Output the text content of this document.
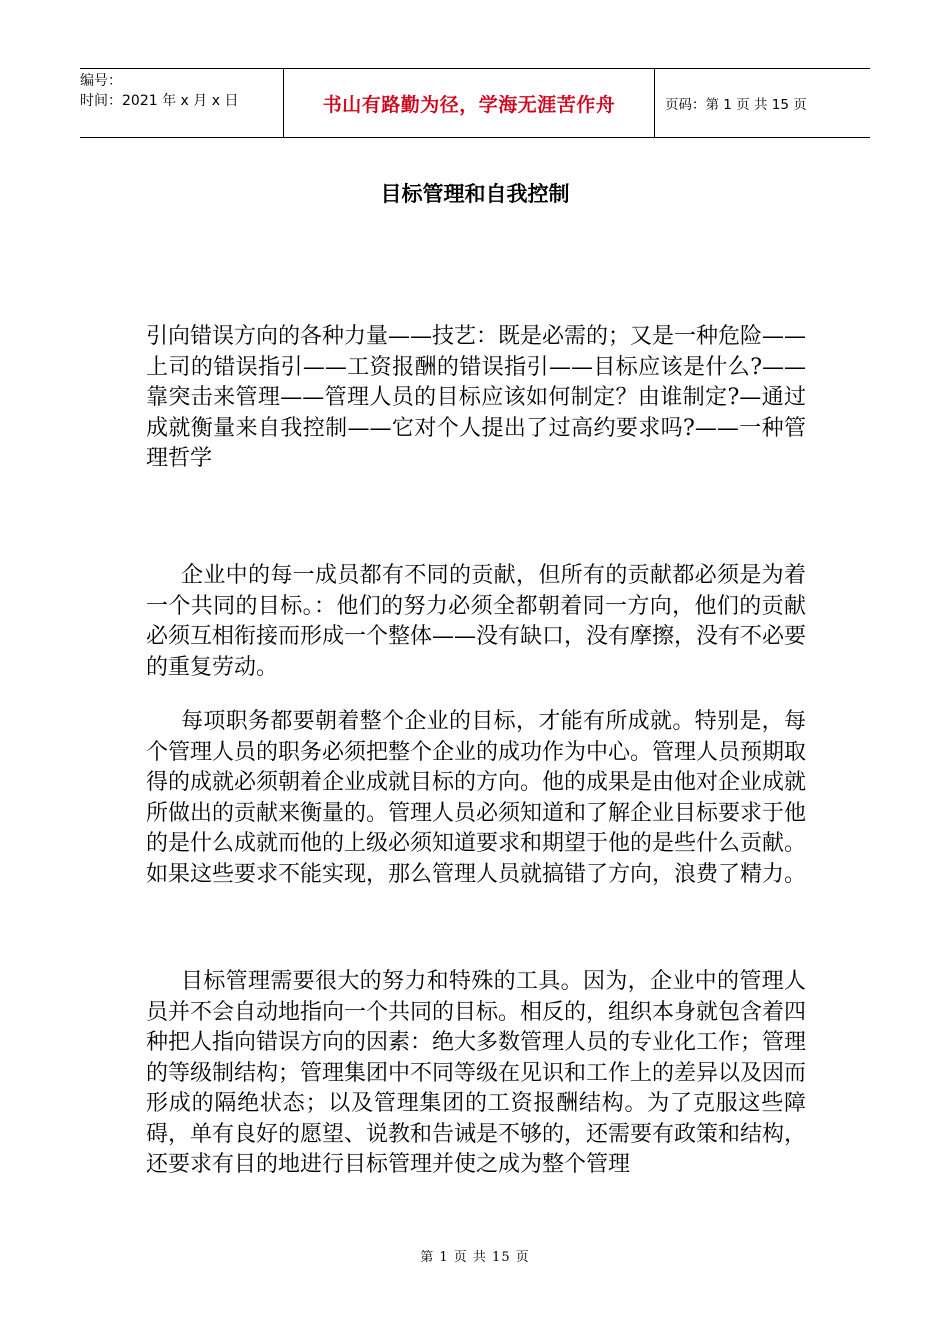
编号：
时间：2021 年 x 月 x 日	书山有路勤为径，学海无涯苦作舟	页码：第 1 页 共 15 页
目标管理和自我控制

引向错误方向的各种力量——技艺：既是必需的；又是一种危险——上司的错误指引——工资报酬的错误指引——目标应该是什么?——靠突击来管理——管理人员的目标应该如何制定？由谁制定?—通过成就衡量来自我控制——它对个人提出了过高约要求吗?——一种管理哲学

企业中的每一成员都有不同的贡献，但所有的贡献都必须是为着一个共同的目标。：他们的努力必须全都朝着同一方向，他们的贡献必须互相衔接而形成一个整体——没有缺口，没有摩擦，没有不必要的重复劳动。

每项职务都要朝着整个企业的目标，才能有所成就。特别是，每个管理人员的职务必须把整个企业的成功作为中心。管理人员预期取得的成就必须朝着企业成就目标的方向。他的成果是由他对企业成就所做出的贡献来衡量的。管理人员必须知道和了解企业目标要求于他的是什么成就而他的上级必须知道要求和期望于他的是些什么贡献。如果这些要求不能实现，那么管理人员就搞错了方向，浪费了精力。

目标管理需要很大的努力和特殊的工具。因为，企业中的管理人员并不会自动地指向一个共同的目标。相反的，组织本身就包含着四种把人指向错误方向的因素：绝大多数管理人员的专业化工作；管理的等级制结构；管理集团中不同等级在见识和工作上的差异以及因而形成的隔绝状态；以及管理集团的工资报酬结构。为了克服这些障碍，单有良好的愿望、说教和告诫是不够的，还需要有政策和结构，还要求有目的地进行目标管理并使之成为整个管理

第 1 页 共 15 页
